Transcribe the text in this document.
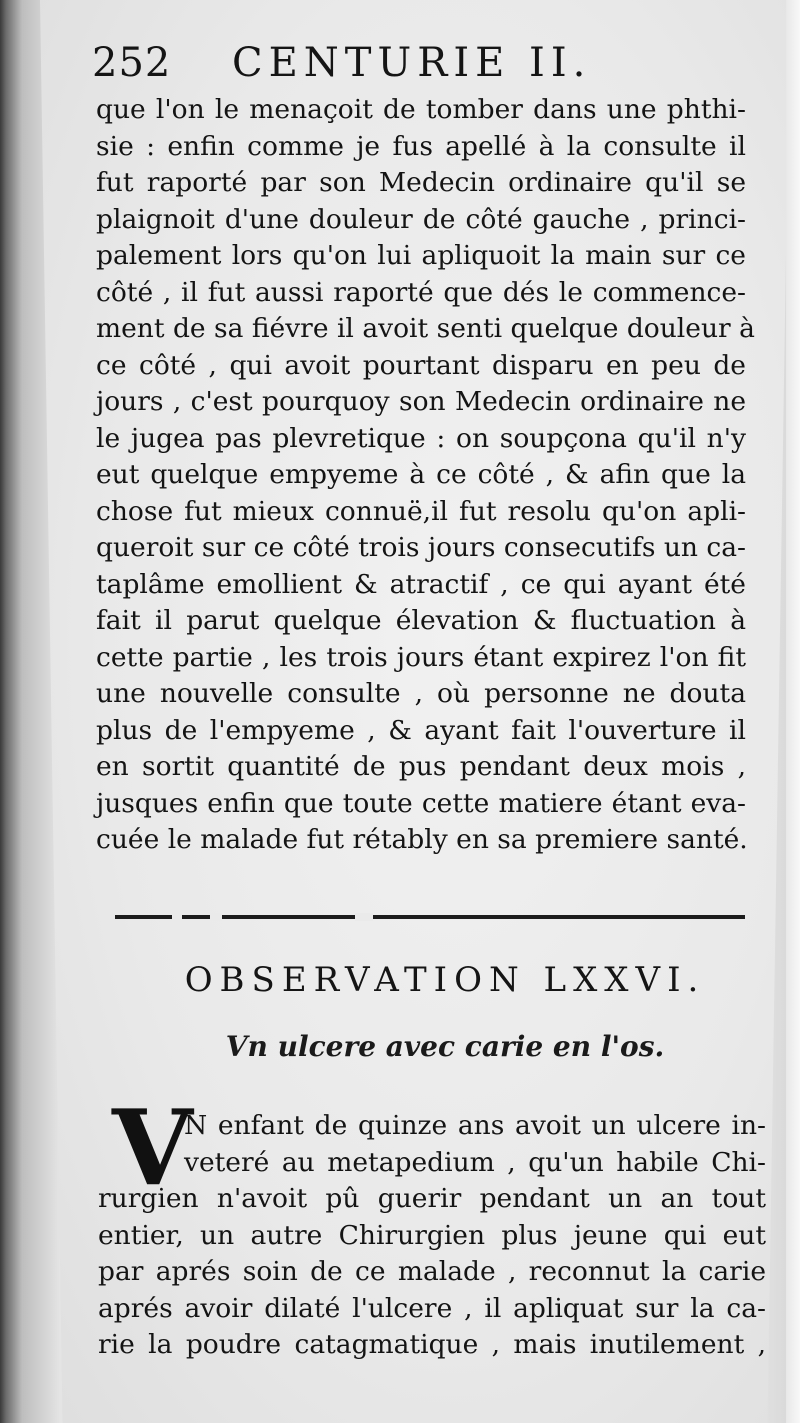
252 CENTURIE II.
que l'on le menaçoit de tomber dans une phthi-
sie : enfin comme je fus apellé à la consulte il
fut raporté par son Medecin ordinaire qu'il se
plaignoit d'une douleur de côté gauche , princi-
palement lors qu'on lui apliquoit la main sur ce
côté , il fut aussi raporté que dés le commence-
ment de sa fiévre il avoit senti quelque douleur à
ce côté , qui avoit pourtant disparu en peu de
jours , c'est pourquoy son Medecin ordinaire ne
le jugea pas plevretique : on soupçona qu'il n'y
eut quelque empyeme à ce côté , & afin que la
chose fut mieux connuë,il fut resolu qu'on apli-
queroit sur ce côté trois jours consecutifs un ca-
taplâme emollient & atractif , ce qui ayant été
fait il parut quelque élevation & fluctuation à
cette partie , les trois jours étant expirez l'on fit
une nouvelle consulte , où personne ne douta
plus de l'empyeme , & ayant fait l'ouverture il
en sortit quantité de pus pendant deux mois ,
jusques enfin que toute cette matiere étant eva-
cuée le malade fut rétably en sa premiere santé.
OBSERVATION LXXVI.
Vn ulcere avec carie en l'os.
V
N enfant de quinze ans avoit un ulcere in-
veteré au metapedium , qu'un habile Chi-
rurgien n'avoit pû guerir pendant un an tout
entier, un autre Chirurgien plus jeune qui eut
par aprés soin de ce malade , reconnut la carie
aprés avoir dilaté l'ulcere , il apliquat sur la ca-
rie la poudre catagmatique , mais inutilement ,
